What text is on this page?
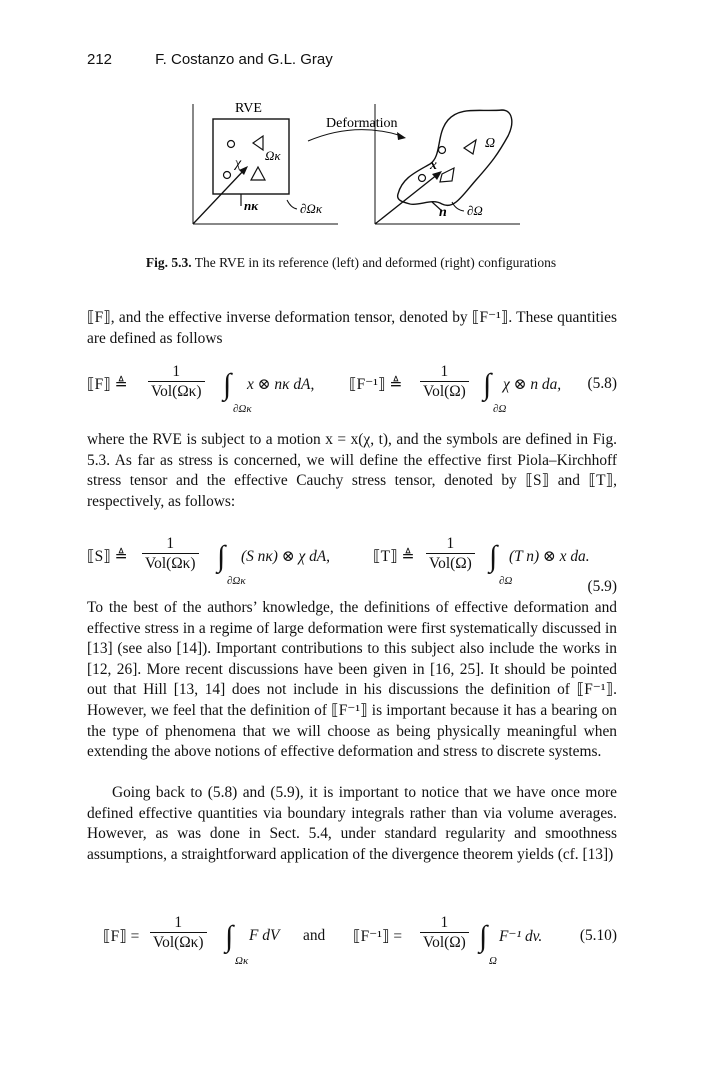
212	F. Costanzo and G.L. Gray
RVE
Ωκ
χ
nκ	∂Ωκ
Deformation
Ω
x
n ∂Ω
Fig. 5.3. The RVE in its reference (left) and deformed (right) configurations
⟦F⟧, and the effective inverse deformation tensor, denoted by ⟦F⁻¹⟧. These quantities are defined as follows
⟦F⟧ ≜
1
Vol(Ωκ) ∫
∂Ωκ
x ⊗ nκ dA, ⟦F⁻¹⟧ ≜
1
Vol(Ω) ∫
∂Ω
χ ⊗ n da, (5.8)
where the RVE is subject to a motion x = x(χ, t), and the symbols are defined in Fig. 5.3. As far as stress is concerned, we will define the effective first Piola–Kirchhoff stress tensor and the effective Cauchy stress tensor, denoted by ⟦S⟧ and ⟦T⟧, respectively, as follows:
⟦S⟧ ≜
1
Vol(Ωκ) ∫
∂Ωκ
(S nκ) ⊗ χ dA,	⟦T⟧ ≜
1
Vol(Ω) ∫
∂Ω
(T n) ⊗ x da.
(5.9)
To the best of the authors’ knowledge, the definitions of effective deformation and effective stress in a regime of large deformation were first systematically discussed in [13] (see also [14]). Important contributions to this subject also include the works in [12, 26]. More recent discussions have been given in [16, 25]. It should be pointed out that Hill [13, 14] does not include in his discussions the definition of ⟦F⁻¹⟧. However, we feel that the definition of ⟦F⁻¹⟧ is important because it has a bearing on the type of phenomena that we will choose as being physically meaningful when extending the above notions of effective deformation and stress to discrete systems.
Going back to (5.8) and (5.9), it is important to notice that we have once more defined effective quantities via boundary integrals rather than via volume averages. However, as was done in Sect. 5.4, under standard regularity and smoothness assumptions, a straightforward application of the divergence theorem yields (cf. [13])
⟦F⟧ =
1
Vol(Ωκ) ∫
Ωκ
F dV and ⟦F⁻¹⟧ =
1
Vol(Ω) ∫
Ω
F⁻¹ dv. (5.10)
